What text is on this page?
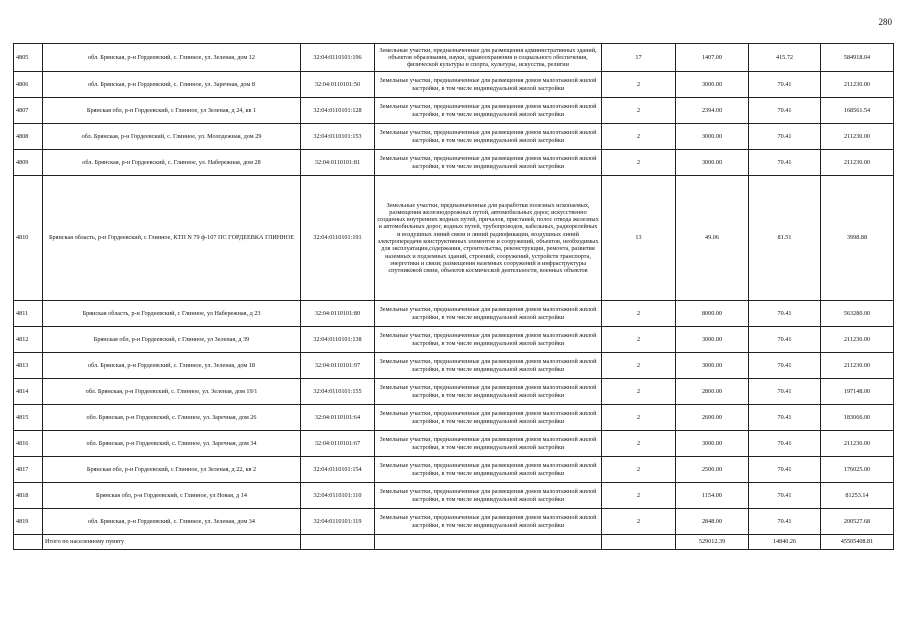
280
4805	обл. Брянская, р-н Гордеевский, с. Глинное, ул. Зеленая, дом 12	32:04:0110101:196	Земельные участки, предназначенные для размещения административных зданий, объектов образования, науки, здравоохранения и социального обеспечения, физической культуры и спорта, культуры, искусства, религии	17	1407.00	415.72	584918.04
4806	обл. Брянская, р-н Гордеевский, с. Глинное, ул. Заречная, дом 8	32:04:0110101:50	Земельные участки, предназначенные для размещения домов малоэтажной жилой застройки, в том числе индивидуальной жилой застройки	2	3000.00	70.41	211230.00
4807	Брянская обл, р-н Гордеевский, с Глинное, ул Зеленая, д 24, кв 1	32:04:0110101:128	Земельные участки, предназначенные для размещения домов малоэтажной жилой застройки, в том числе индивидуальной жилой застройки	2	2394.00	70.41	168561.54
4808	обл. Брянская, р-н Гордеевский, с. Глинное, ул. Молодежная, дом 29	32:04:0110101:153	Земельные участки, предназначенные для размещения домов малоэтажной жилой застройки, в том числе индивидуальной жилой застройки	2	3000.00	70.41	211230.00
4809	обл. Брянская, р-н Гордеевский, с. Глинное, ул. Набережная, дом 28	32:04:0110101:81	Земельные участки, предназначенные для размещения домов малоэтажной жилой застройки, в том числе индивидуальной жилой застройки	2	3000.00	70.41	211230.00
4810	Брянская область, р-н Гордеевский, с Глинное, КТП N 79 ф-107 ПС ГОРДЕЕВКА ГЛИННОЕ	32:04:0110101:191	Земельные участки, предназначенные для разработки полезных ископаемых, размещения железнодорожных путей, автомобильных дорог, искусственно созданных внутренних водных путей, причалов, пристаней, полос отвода железных и автомобильных дорог, водных путей, трубопроводов, кабельных, радиорелейных и воздушных линий связи и линий радиофикации, воздушных линий электропередачи конструктивных элементов и сооружений, объектов, необходимых для эксплуатации,содержания, строительства, реконструкции, ремонта, развития наземных и подземных зданий, строений, сооружений, устройств транспорта, энергетики и связи; размещения наземных сооружений и инфраструктуры спутниковой связи, объектов космической деятельности, военных объектов	13	49.06	81.51	3998.88
4811	Брянская область, р-н Гордеевский, с Глинное, ул Набережная, д 23	32:04:0110101:80	Земельные участки, предназначенные для размещения домов малоэтажной жилой застройки, в том числе индивидуальной жилой застройки	2	8000.00	70.41	563280.00
4812	Брянская обл, р-н Гордеевский, с Глинное, ул Зеленая, д 39	32:04:0110101:138	Земельные участки, предназначенные для размещения домов малоэтажной жилой застройки, в том числе индивидуальной жилой застройки	2	3000.00	70.41	211230.00
4813	обл. Брянская, р-н Гордеевский, с. Глинное, ул. Зеленая, дом 18	32:04:0110101:97	Земельные участки, предназначенные для размещения домов малоэтажной жилой застройки, в том числе индивидуальной жилой застройки	2	3000.00	70.41	211230.00
4814	обл. Брянская, р-н Гордеевский, с. Глинное, ул. Зеленая, дом 19/1	32:04:0110101:155	Земельные участки, предназначенные для размещения домов малоэтажной жилой застройки, в том числе индивидуальной жилой застройки	2	2800.00	70.41	197148.00
4815	обл. Брянская, р-н Гордеевский, с. Глинное, ул. Заречная, дом 26	32:04:0110101:64	Земельные участки, предназначенные для размещения домов малоэтажной жилой застройки, в том числе индивидуальной жилой застройки	2	2600.00	70.41	183066.00
4816	обл. Брянская, р-н Гордеевский, с. Глинное, ул. Заречная, дом 34	32:04:0110101:67	Земельные участки, предназначенные для размещения домов малоэтажной жилой застройки, в том числе индивидуальной жилой застройки	2	3000.00	70.41	211230.00
4817	Брянская обл, р-н Гордеевский, с Глинное, ул Зеленая, д 22, кв 2	32:04:0110101:154	Земельные участки, предназначенные для размещения домов малоэтажной жилой застройки, в том числе индивидуальной жилой застройки	2	2500.00	70.41	176025.00
4818	Брянская обл, р-н Гордеевский, с Глинное, ул Новая, д 14	32:04:0110101:110	Земельные участки, предназначенные для размещения домов малоэтажной жилой застройки, в том числе индивидуальной жилой застройки	2	1154.00	70.41	81253.14
4819	обл. Брянская, р-н Гордеевский, с. Глинное, ул. Зеленая, дом 34	32:04:0110101:119	Земельные участки, предназначенные для размещения домов малоэтажной жилой застройки, в том числе индивидуальной жилой застройки	2	2848.00	70.41	200527.68
	Итого по населенному пункту				529012.39	14840.26	45505408.81
